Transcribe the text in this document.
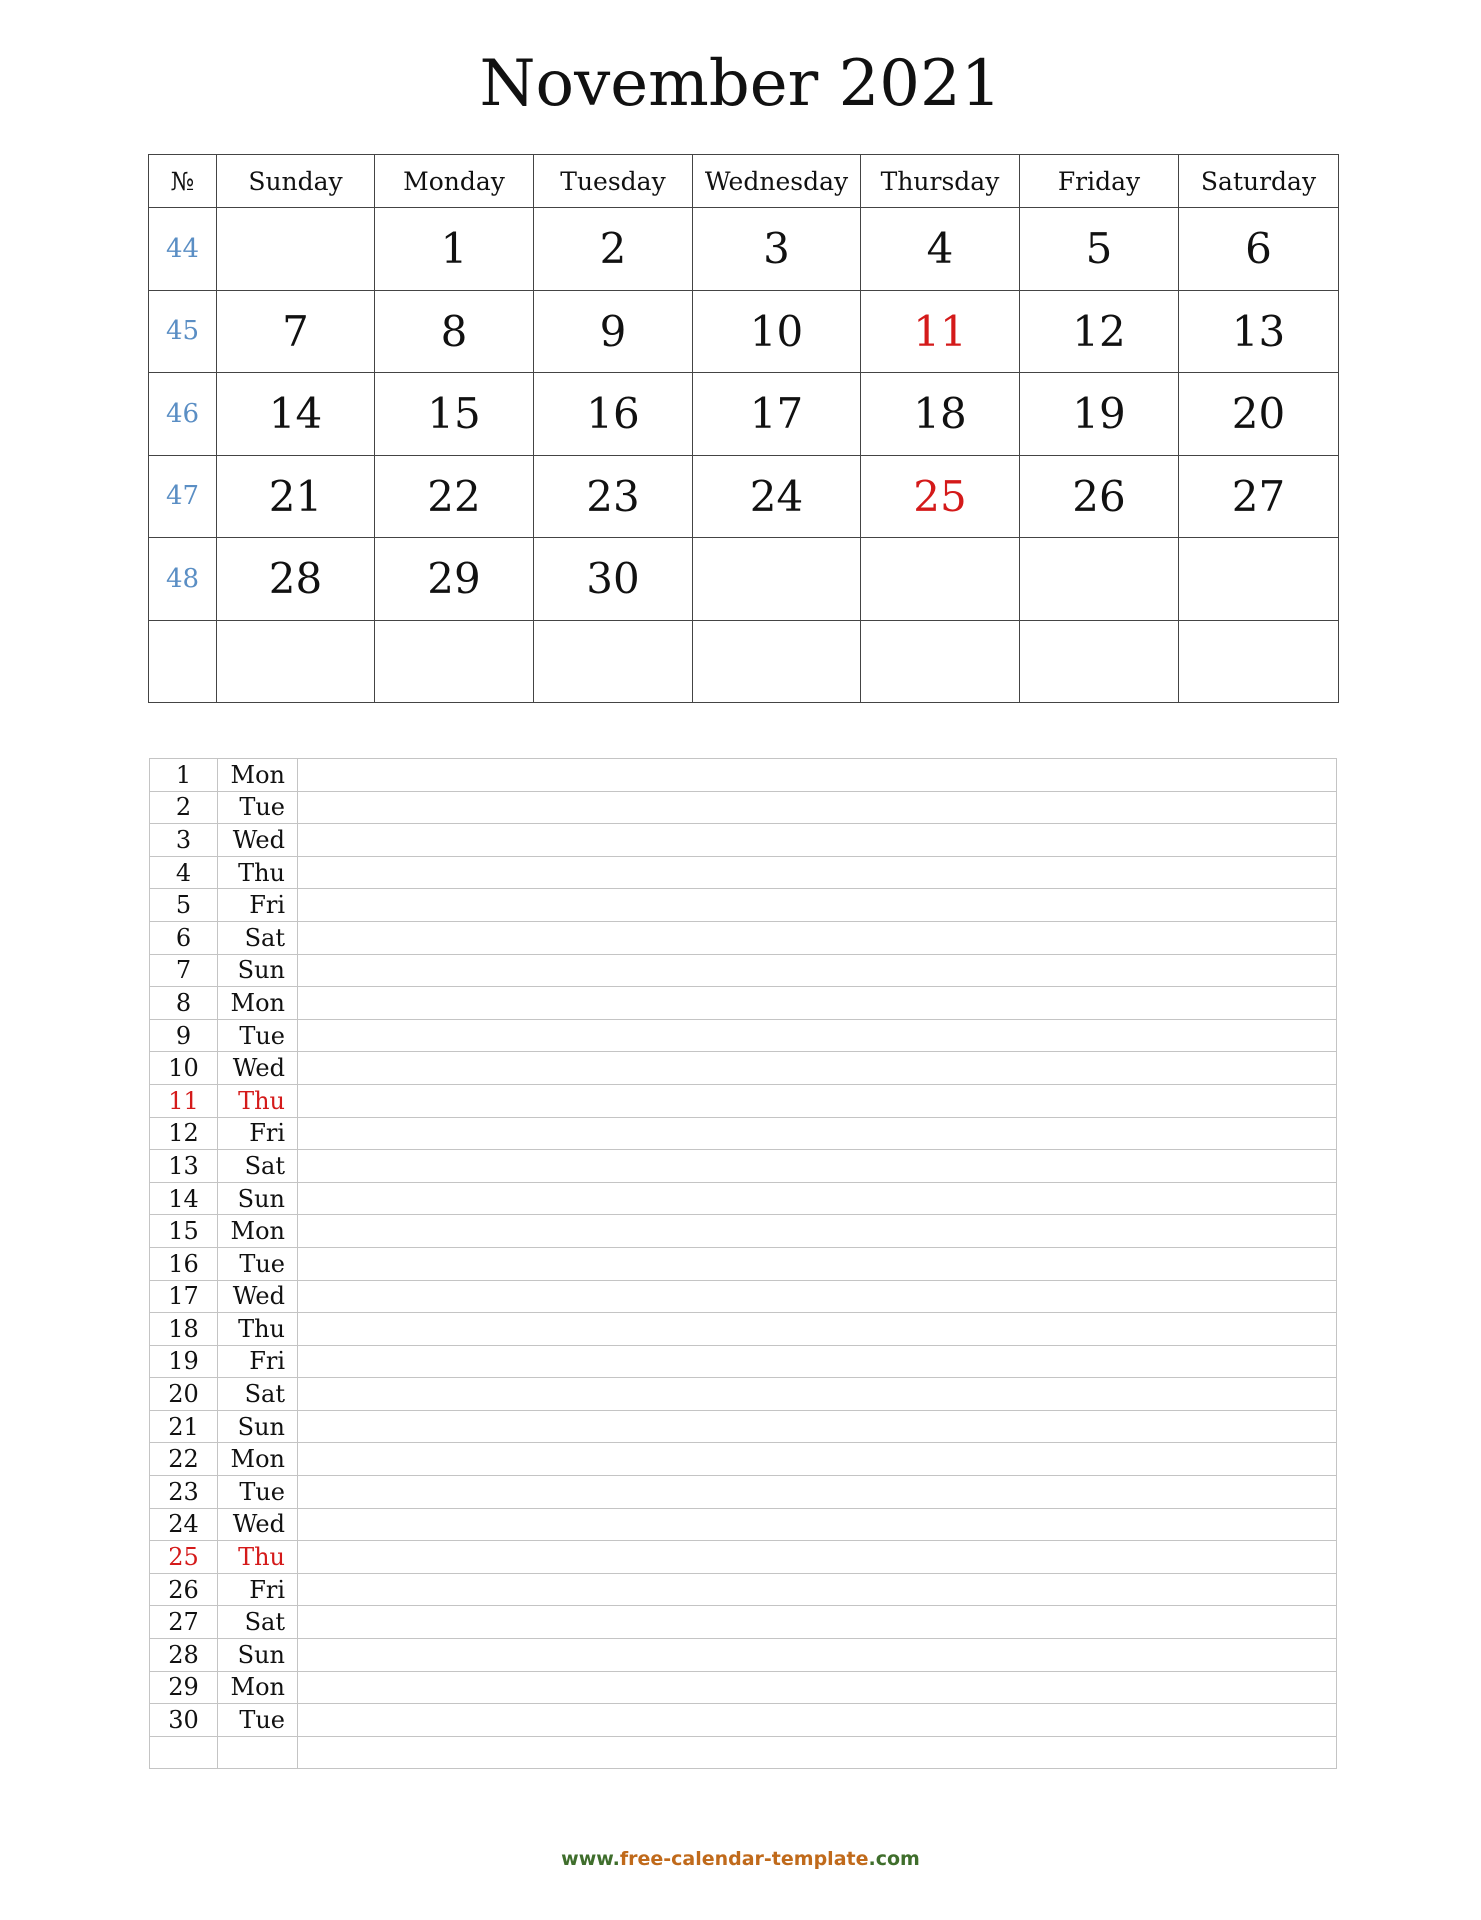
November 2021
№	Sunday	Monday	Tuesday	Wednesday	Thursday	Friday	Saturday
44		1	2	3	4	5	6
45	7	8	9	10	11	12	13
46	14	15	16	17	18	19	20
47	21	22	23	24	25	26	27
48	28	29	30				

1	Mon	
2	Tue	
3	Wed	
4	Thu	
5	Fri	
6	Sat	
7	Sun	
8	Mon	
9	Tue	
10	Wed	
11	Thu	
12	Fri	
13	Sat	
14	Sun	
15	Mon	
16	Tue	
17	Wed	
18	Thu	
19	Fri	
20	Sat	
21	Sun	
22	Mon	
23	Tue	
24	Wed	
25	Thu	
26	Fri	
27	Sat	
28	Sun	
29	Mon	
30	Tue	

www.free-calendar-template.com
